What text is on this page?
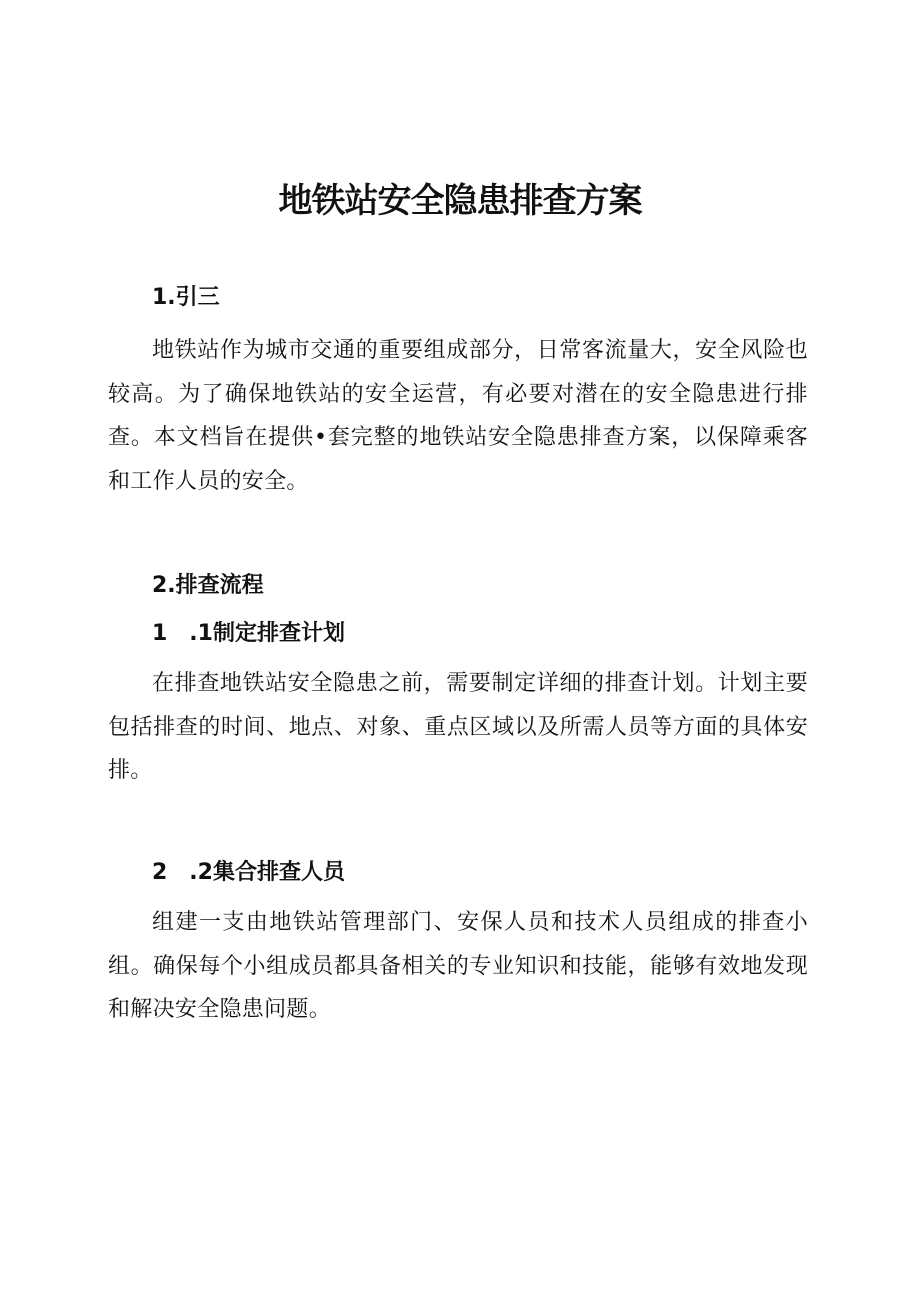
地铁站安全隐患排查方案
1.引三

地铁站作为城市交通的重要组成部分，日常客流量大，安全风险也较高。为了确保地铁站的安全运营，有必要对潜在的安全隐患进行排查。本文档旨在提供•套完整的地铁站安全隐患排查方案，以保障乘客和工作人员的安全。

2.排查流程
1　.1制定排查计划

在排查地铁站安全隐患之前，需要制定详细的排查计划。计划主要包括排查的时间、地点、对象、重点区域以及所需人员等方面的具体安排。

2　.2集合排查人员

组建一支由地铁站管理部门、安保人员和技术人员组成的排查小组。确保每个小组成员都具备相关的专业知识和技能，能够有效地发现和解决安全隐患问题。
